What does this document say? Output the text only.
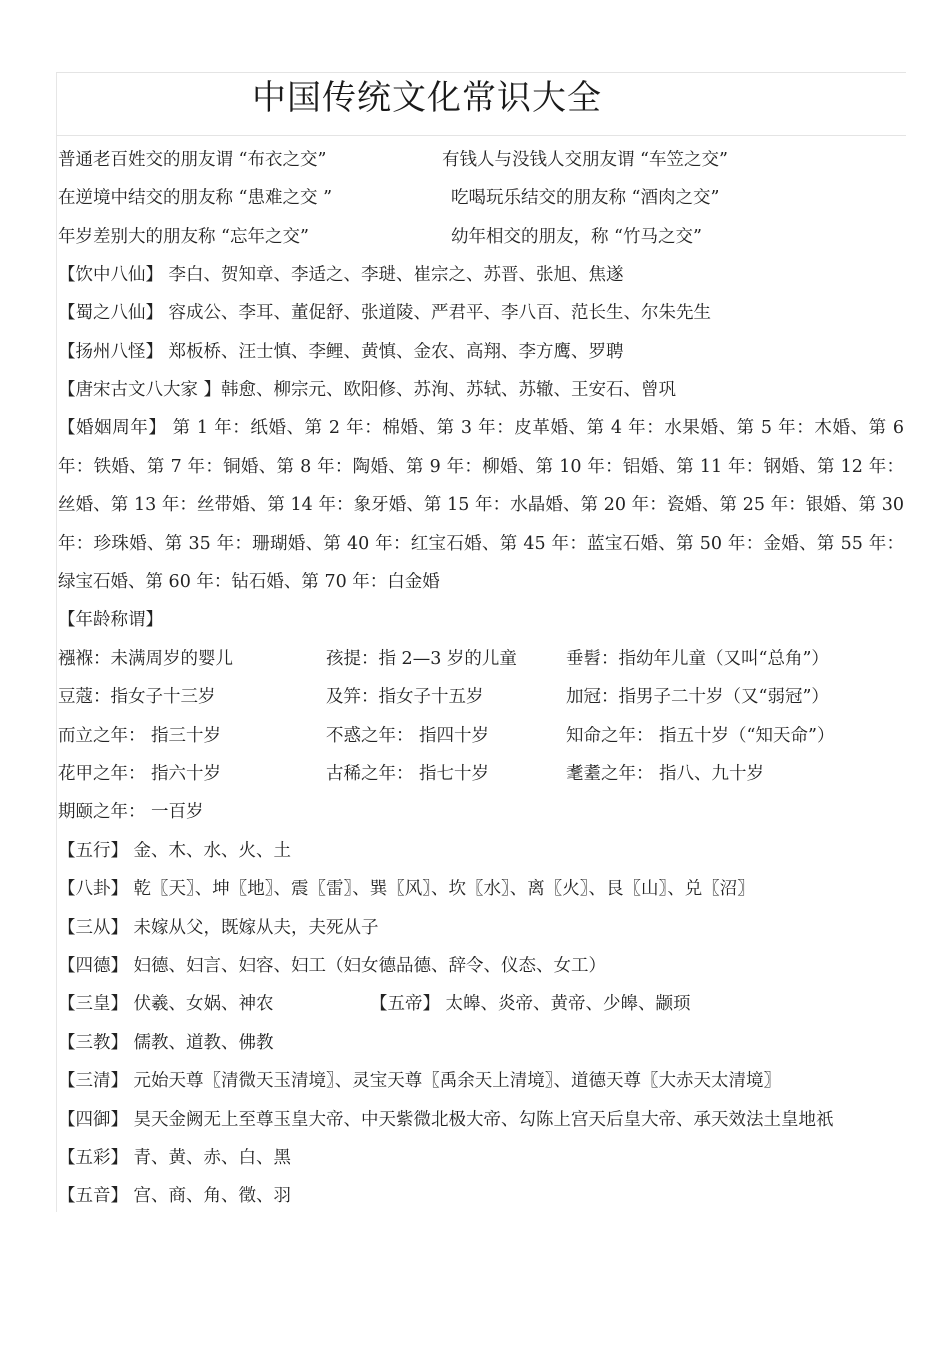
中国传统文化常识大全
普通老百姓交的朋友谓 “布衣之交”	有钱人与没钱人交朋友谓 “车笠之交”
在逆境中结交的朋友称 “患难之交 ”	吃喝玩乐结交的朋友称 “酒肉之交”
年岁差别大的朋友称 “忘年之交”	幼年相交的朋友，称 “竹马之交”
【饮中八仙】 李白、贺知章、李适之、李琎、崔宗之、苏晋、张旭、焦遂
【蜀之八仙】 容成公、李耳、董促舒、张道陵、严君平、李八百、范长生、尔朱先生
【扬州八怪】 郑板桥、汪士慎、李鲤、黄慎、金农、高翔、李方鹰、罗聘
【唐宋古文八大家 】韩愈、柳宗元、欧阳修、苏洵、苏轼、苏辙、王安石、曾巩
【婚姻周年】 第 1 年：纸婚、第 2 年：棉婚、第 3 年：皮革婚、第 4 年：水果婚、第 5 年：木婚、第 6 年：铁婚、第 7 年：铜婚、第 8 年：陶婚、第 9 年：柳婚、第 10 年：铝婚、第 11 年：钢婚、第 12 年：丝婚、第 13 年：丝带婚、第 14 年：象牙婚、第 15 年：水晶婚、第 20 年：瓷婚、第 25 年：银婚、第 30 年：珍珠婚、第 35 年：珊瑚婚、第 40 年：红宝石婚、第 45 年：蓝宝石婚、第 50 年：金婚、第 55 年：绿宝石婚、第 60 年：钻石婚、第 70 年：白金婚
【年龄称谓】
襁褓：未满周岁的婴儿	孩提：指 2—3 岁的儿童	垂髫：指幼年儿童（又叫“总角”）
豆蔻：指女子十三岁	及笄：指女子十五岁	加冠：指男子二十岁（又“弱冠”）
而立之年： 指三十岁	不惑之年： 指四十岁	知命之年： 指五十岁（“知天命”）
花甲之年： 指六十岁	古稀之年： 指七十岁	耄耋之年： 指八、九十岁
期颐之年： 一百岁
【五行】 金、木、水、火、土
【八卦】 乾〖天〗、坤〖地〗、震〖雷〗、巽〖风〗、坎〖水〗、离〖火〗、艮〖山〗、兑〖沼〗
【三从】 未嫁从父，既嫁从夫，夫死从子
【四德】 妇德、妇言、妇容、妇工（妇女德品德、辞令、仪态、女工）
【三皇】 伏羲、女娲、神农	【五帝】 太皞、炎帝、黄帝、少皞、颛顼
【三教】 儒教、道教、佛教
【三清】 元始天尊〖清微天玉清境〗、灵宝天尊〖禹余天上清境〗、道德天尊〖大赤天太清境〗
【四御】 昊天金阙无上至尊玉皇大帝、中天紫微北极大帝、勾陈上宫天后皇大帝、承天效法土皇地祇
【五彩】 青、黄、赤、白、黑
【五音】 宫、商、角、徵、羽
